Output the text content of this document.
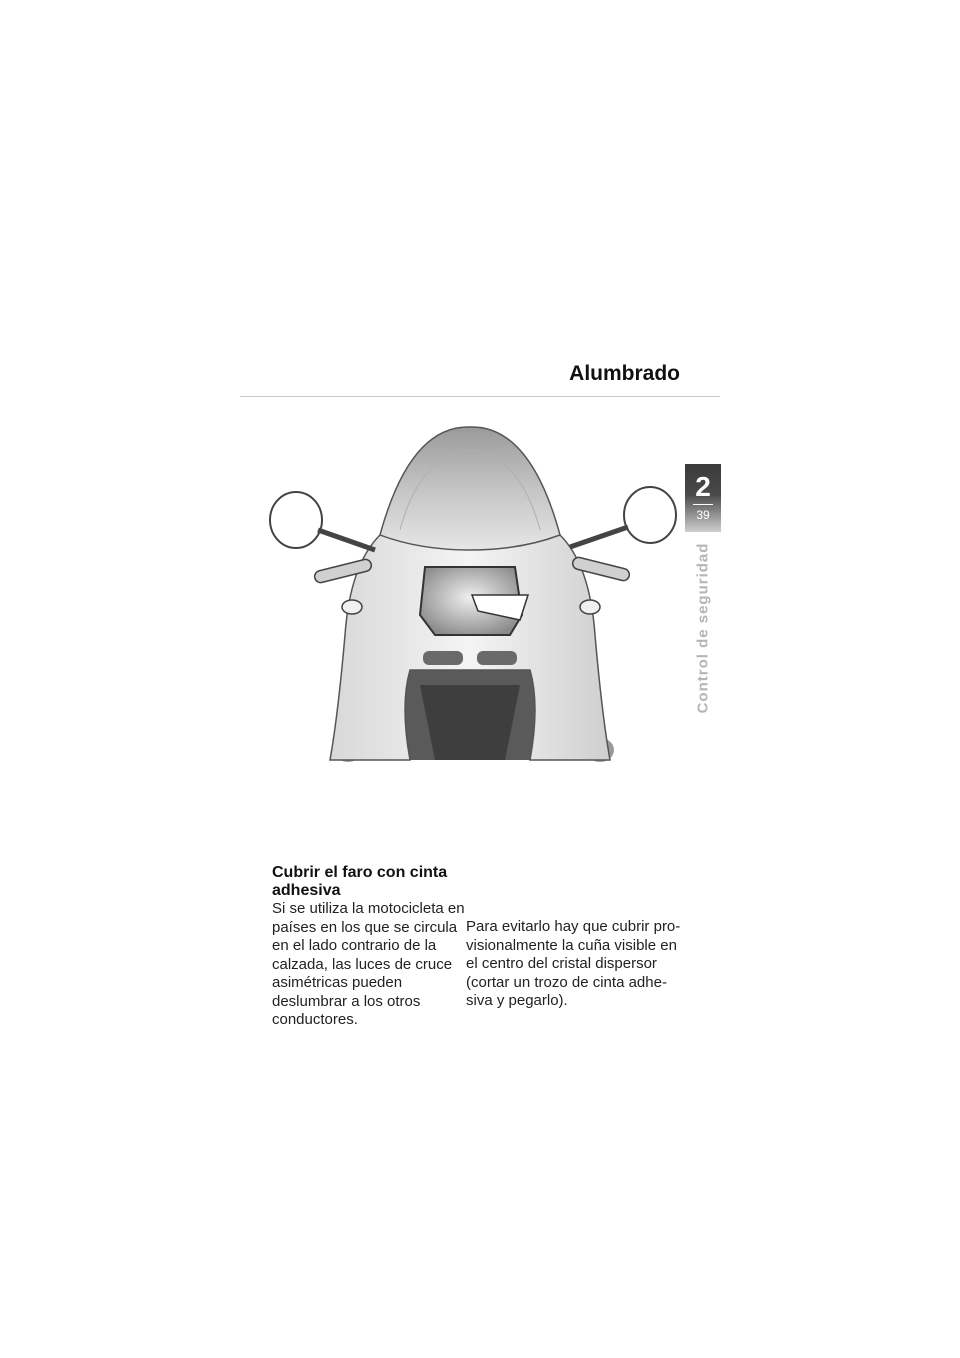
Alumbrado
2
39
Control de seguridad
Cubrir el faro con cinta adhesiva

Si se utiliza la motocicleta en países en los que se circula en el lado contrario de la calzada, las luces de cruce asimétricas pueden deslumbrar a los otros conductores.

Para evitarlo hay que cubrir pro-visionalmente la cuña visible en el centro del cristal dispersor (cortar un trozo de cinta adhe-siva y pegarlo).
